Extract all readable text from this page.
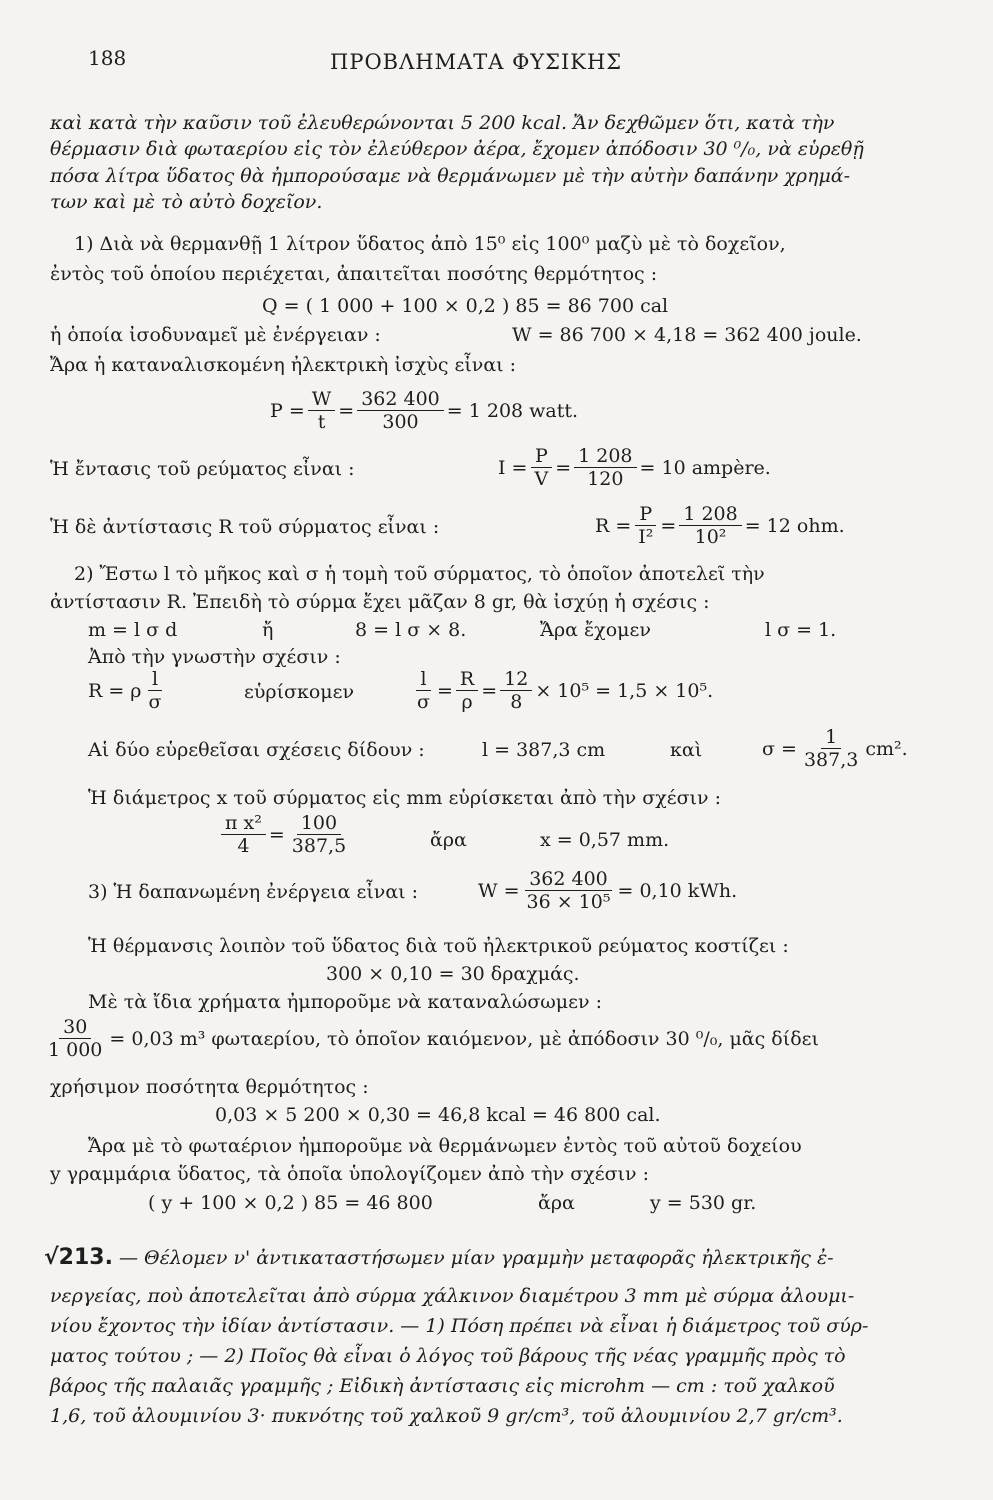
188	ΠΡΟΒΛΗΜΑΤΑ ΦΥΣΙΚΗΣ
καὶ κατὰ τὴν καῦσιν τοῦ ἐλευθερώνονται 5 200 kcal. Ἄν δεχθῶμεν ὅτι, κατὰ τὴν
θέρμασιν διὰ φωταερίου εἰς τὸν ἐλεύθερον ἀέρα, ἔχομεν ἀπόδοσιν 30 ⁰/₀, νὰ εὑρεθῇ
πόσα λίτρα ὕδατος θὰ ἠμπορούσαμε νὰ θερμάνωμεν μὲ τὴν αὐτὴν δαπάνην χρημά-
των καὶ μὲ τὸ αὐτὸ δοχεῖον.
1) Διὰ νὰ θερμανθῇ 1 λίτρον ὕδατος ἀπὸ 15⁰ εἰς 100⁰ μαζὺ μὲ τὸ δοχεῖον,
ἐντὸς τοῦ ὁποίου περιέχεται, ἀπαιτεῖται ποσότης θερμότητος :
Q = ( 1 000 + 100 × 0,2 ) 85 = 86 700 cal
ἡ ὁποία ἰσοδυναμεῖ μὲ ἐνέργειαν :	W = 86 700 × 4,18 = 362 400 joule.
Ἄρα ἡ καταναλισκομένη ἠλεκτρικὴ ἰσχὺς εἶναι :
$P = \frac{W}{t} = \frac{362 400}{300} = 1$ 208 watt.
Ἡ ἔντασις τοῦ ρεύματος εἶναι :	$I = \frac{P}{V} = \frac{1 208}{120} = 10$ ampère.
Ἡ δὲ ἀντίστασις R τοῦ σύρματος εἶναι :	$R = \frac{P}{\text{I²}} = \frac{1 208}{\text{10²}} = 12$ ohm.
2) Ἔστω l τὸ μῆκος καὶ σ ἡ τομὴ τοῦ σύρματος, τὸ ὁποῖον ἀποτελεῖ τὴν
ἀντίστασιν R. Ἐπειδὴ τὸ σύρμα ἔχει μᾶζαν 8 gr, θὰ ἰσχύῃ ἡ σχέσις :
m = l σ d	ἤ	8 = l σ × 8.	Ἄρα ἔχομεν	l σ = 1.
Ἀπὸ τὴν γνωστὴν σχέσιν :
R = ρ $\frac{l}{\sigma}$	εὑρίσκομεν	$\frac{l}{\sigma} = \frac{R}{\rho} = \frac{12}{8} \times 10^5 = 1,5 \times 10^5$.
Αἱ δύο εὑρεθεῖσαι σχέσεις δίδουν :	l = 387,3 cm	καὶ	$\sigma = \frac{1}{387,3} cm^2$.
Ἡ διάμετρος x τοῦ σύρματος εἰς mm εὑρίσκεται ἀπὸ τὴν σχέσιν :
$\frac{\text{π x²}}{4} = \frac{100}{387,5}$	ἄρα	x = 0,57 mm.
3) Ἡ δαπανωμένη ἐνέργεια εἶναι :	$W = \frac{362 400}{\text{36 × 10⁵}} = 0,10$ kWh.
Ἡ θέρμανσις λοιπὸν τοῦ ὕδατος διὰ τοῦ ἠλεκτρικοῦ ρεύματος κοστίζει :
300 × 0,10 = 30 δραχμάς.
Μὲ τὰ ἴδια χρήματα ἠμποροῦμε νὰ καταναλώσωμεν :
$\frac{30}{1 000} = 0,03$ m³ φωταερίου, τὸ ὁποῖον καιόμενον, μὲ ἀπόδοσιν 30 ⁰/₀, μᾶς δίδει
χρήσιμον ποσότητα θερμότητος :
0,03 × 5 200 × 0,30 = 46,8 kcal = 46 800 cal.
Ἄρα μὲ τὸ φωταέριον ἠμποροῦμε νὰ θερμάνωμεν ἐντὸς τοῦ αὐτοῦ δοχείου
y γραμμάρια ὕδατος, τὰ ὁποῖα ὑπολογίζομεν ἀπὸ τὴν σχέσιν :
( y + 100 × 0,2 ) 85 = 46 800	ἄρα	y = 530 gr.
√213. — Θέλομεν ν' ἀντικαταστήσωμεν μίαν γραμμὴν μεταφορᾶς ἠλεκτρικῆς ἐ-
νεργείας, ποὺ ἀποτελεῖται ἀπὸ σύρμα χάλκινον διαμέτρου 3 mm μὲ σύρμα ἀλουμι-
νίου ἔχοντος τὴν ἰδίαν ἀντίστασιν. — 1) Πόση πρέπει νὰ εἶναι ἡ διάμετρος τοῦ σύρ-
ματος τούτου ; — 2) Ποῖος θὰ εἶναι ὁ λόγος τοῦ βάρους τῆς νέας γραμμῆς πρὸς τὸ
βάρος τῆς παλαιᾶς γραμμῆς ; Εἰδικὴ ἀντίστασις εἰς microhm — cm : τοῦ χαλκοῦ
1,6, τοῦ ἀλουμινίου 3· πυκνότης τοῦ χαλκοῦ 9 gr/cm³, τοῦ ἀλουμινίου 2,7 gr/cm³.
